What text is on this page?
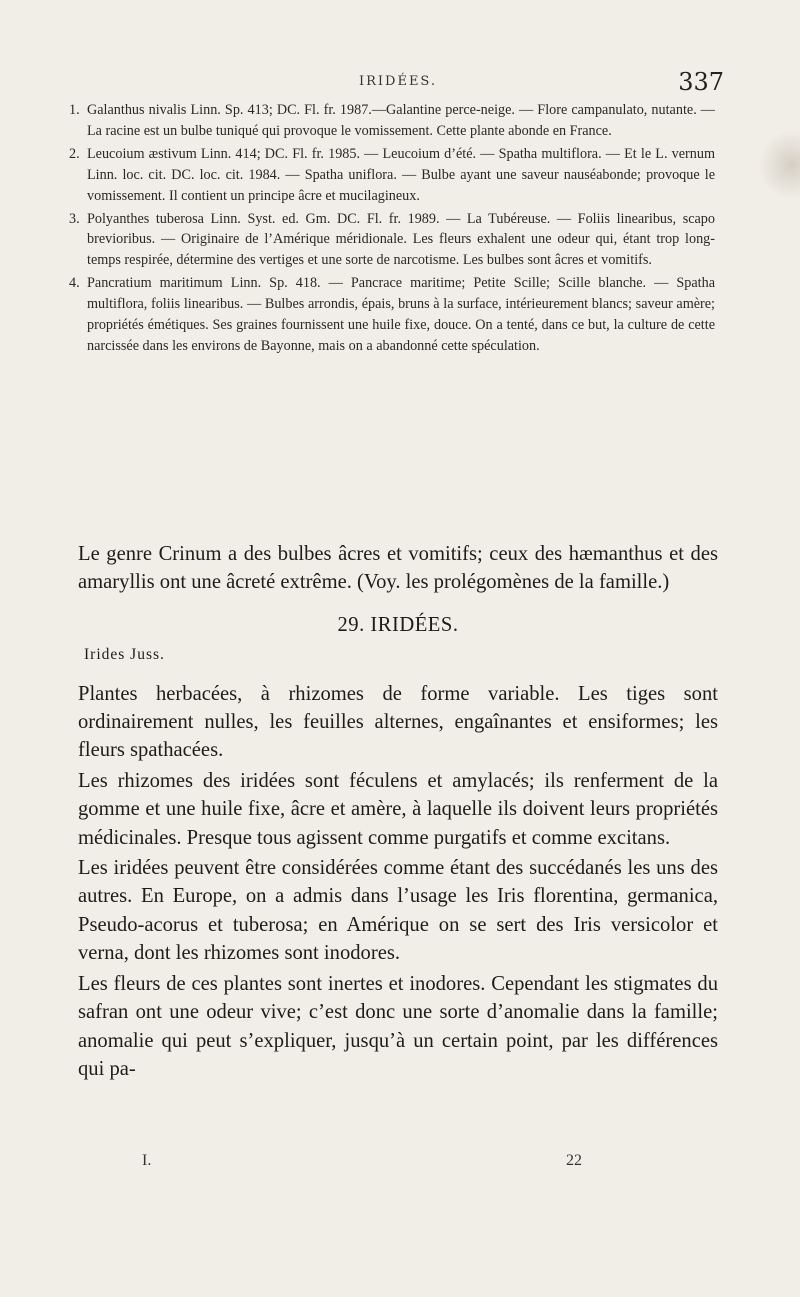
IRIDÉES.	337
1. Galanthus nivalis Linn. Sp. 413; DC. Fl. fr. 1987.—Galantine perce-neige. — Flore campanulato, nutante. — La racine est un bulbe tuniqué qui provoque le vomissement. Cette plante abonde en France.
2. Leucoium æstivum Linn. 414; DC. Fl. fr. 1985. — Leucoium d’été. — Spatha multiflora. — Et le L. vernum Linn. loc. cit. DC. loc. cit. 1984. — Spatha uniflora. — Bulbe ayant une saveur nauséabonde; provoque le vomissement. Il contient un principe âcre et mucilagineux.
3. Polyanthes tuberosa Linn. Syst. ed. Gm. DC. Fl. fr. 1989. — La Tubéreuse. — Foliis linearibus, scapo brevioribus. — Originaire de l’Amérique méridionale. Les fleurs exhalent une odeur qui, étant trop long-temps respirée, détermine des vertiges et une sorte de narcotisme. Les bulbes sont âcres et vomitifs.
4. Pancratium maritimum Linn. Sp. 418. — Pancrace maritime; Petite Scille; Scille blanche. — Spatha multiflora, foliis linearibus. — Bulbes arrondis, épais, bruns à la surface, intérieurement blancs; saveur amère; propriétés émétiques. Ses graines fournissent une huile fixe, douce. On a tenté, dans ce but, la culture de cette narcissée dans les environs de Bayonne, mais on a abandonné cette spéculation.

Le genre Crinum a des bulbes âcres et vomitifs; ceux des hæmanthus et des amaryllis ont une âcreté extrême. (Voy. les prolégomènes de la famille.)

29. IRIDÉES.
Irides Juss.

Plantes herbacées, à rhizomes de forme variable. Les tiges sont ordinairement nulles, les feuilles alternes, engaînantes et ensiformes; les fleurs spathacées.

Les rhizomes des iridées sont féculens et amylacés; ils renferment de la gomme et une huile fixe, âcre et amère, à laquelle ils doivent leurs propriétés médicinales. Presque tous agissent comme purgatifs et comme excitans.

Les iridées peuvent être considérées comme étant des succédanés les uns des autres. En Europe, on a admis dans l’usage les Iris florentina, germanica, Pseudo-acorus et tuberosa; en Amérique on se sert des Iris versicolor et verna, dont les rhizomes sont inodores.

Les fleurs de ces plantes sont inertes et inodores. Cependant les stigmates du safran ont une odeur vive; c’est donc une sorte d’anomalie dans la famille; anomalie qui peut s’expliquer, jusqu’à un certain point, par les différences qui pa-

I.	22
